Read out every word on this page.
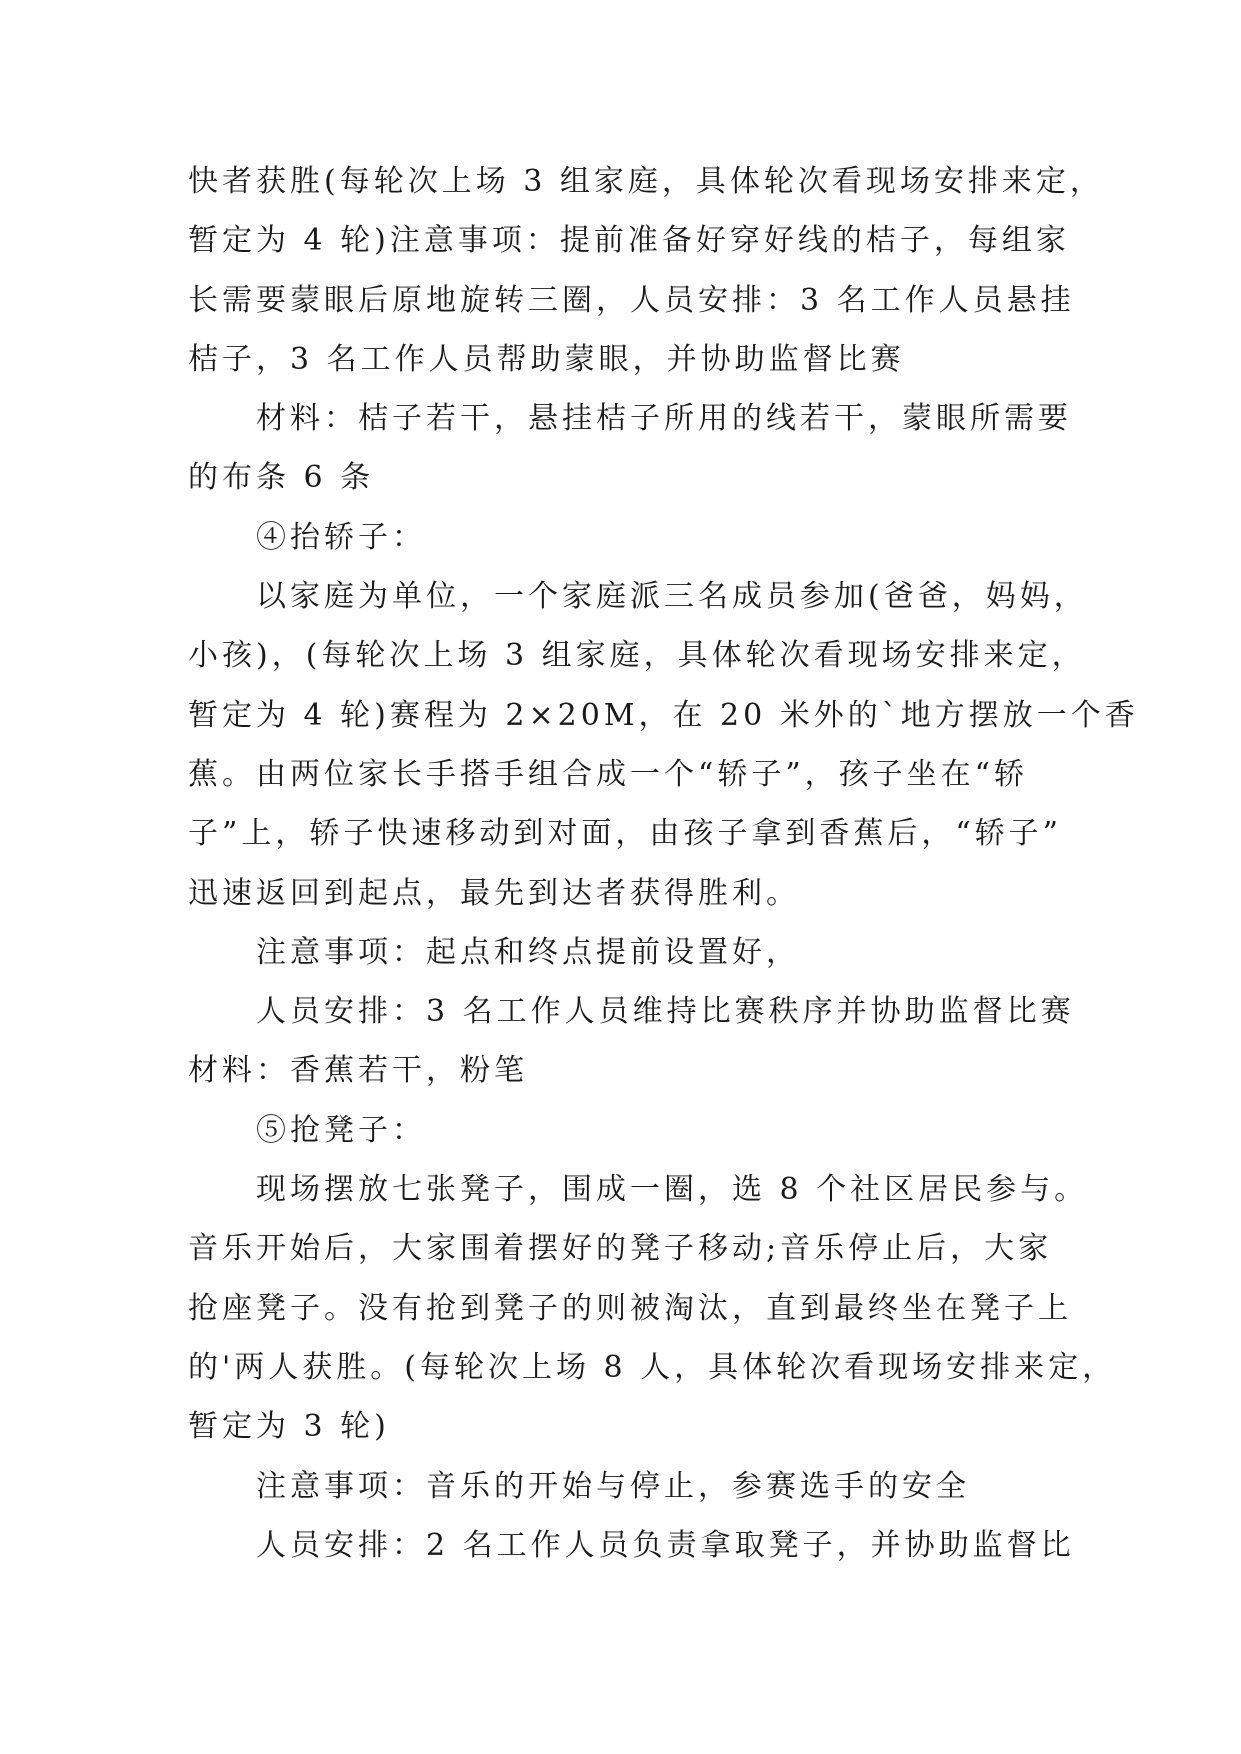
快者获胜(每轮次上场 3 组家庭，具体轮次看现场安排来定，
暂定为 4 轮)注意事项：提前准备好穿好线的桔子，每组家
长需要蒙眼后原地旋转三圈，人员安排：3 名工作人员悬挂
桔子，3 名工作人员帮助蒙眼，并协助监督比赛
材料：桔子若干，悬挂桔子所用的线若干，蒙眼所需要
的布条 6 条
④抬轿子：
以家庭为单位，一个家庭派三名成员参加(爸爸，妈妈，
小孩)，(每轮次上场 3 组家庭，具体轮次看现场安排来定，
暂定为 4 轮)赛程为 2×20M，在 20 米外的`地方摆放一个香
蕉。由两位家长手搭手组合成一个“轿子”，孩子坐在“轿
子”上，轿子快速移动到对面，由孩子拿到香蕉后，“轿子”
迅速返回到起点，最先到达者获得胜利。
注意事项：起点和终点提前设置好，
人员安排：3 名工作人员维持比赛秩序并协助监督比赛
材料：香蕉若干，粉笔
⑤抢凳子：
现场摆放七张凳子，围成一圈，选 8 个社区居民参与。
音乐开始后，大家围着摆好的凳子移动;音乐停止后，大家
抢座凳子。没有抢到凳子的则被淘汰，直到最终坐在凳子上
的'两人获胜。(每轮次上场 8 人，具体轮次看现场安排来定，
暂定为 3 轮)
注意事项：音乐的开始与停止，参赛选手的安全
人员安排：2 名工作人员负责拿取凳子，并协助监督比
